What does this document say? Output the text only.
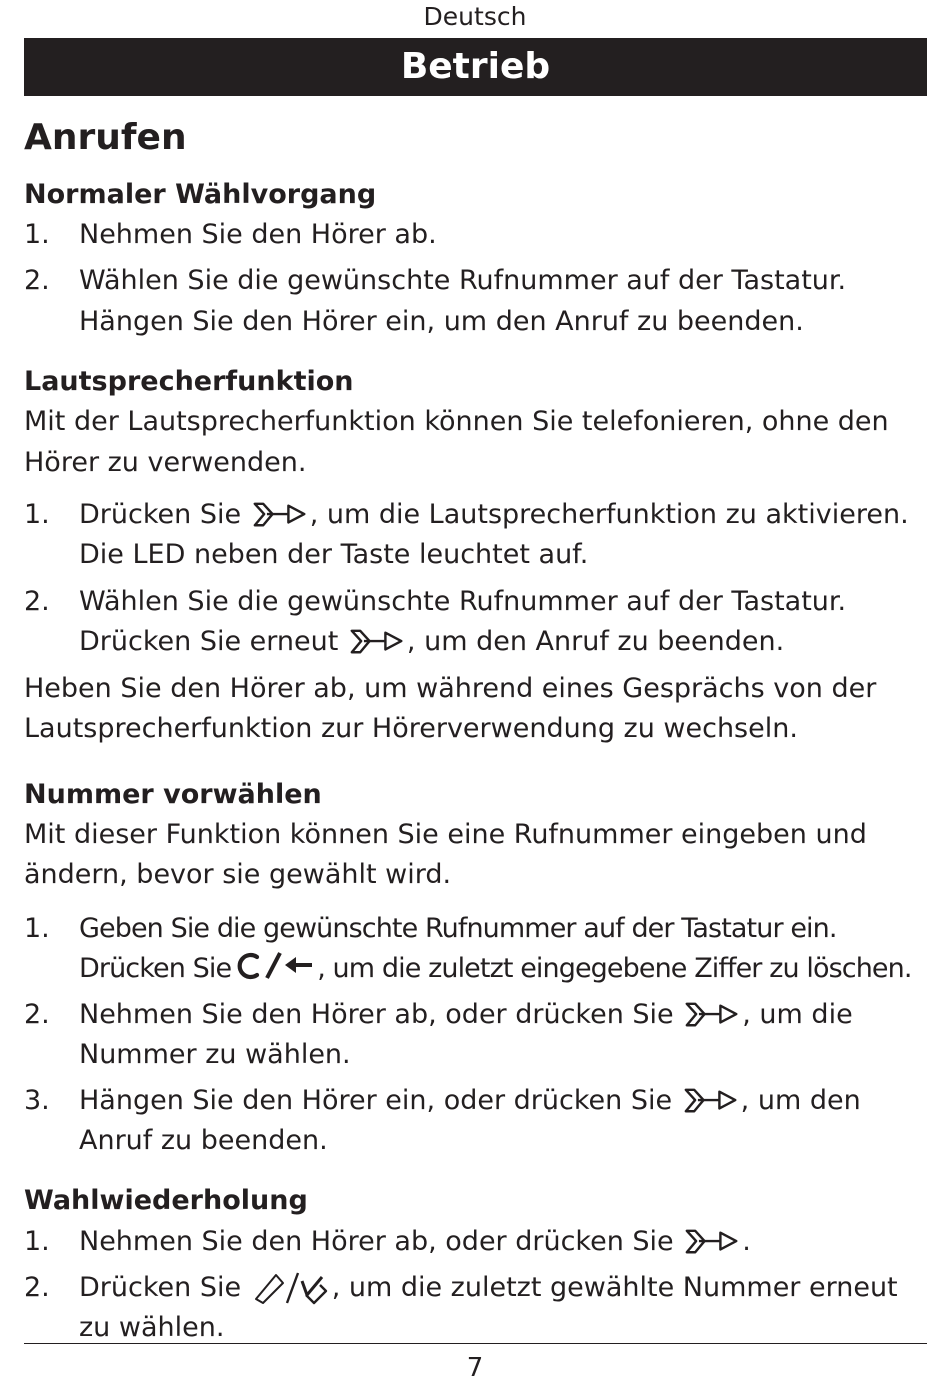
Deutsch
Betrieb
Anrufen
Normaler Wählvorgang
1.	Nehmen Sie den Hörer ab.
2.	Wählen Sie die gewünschte Rufnummer auf der Tastatur.
Hängen Sie den Hörer ein, um den Anruf zu beenden.
Lautsprecherfunktion
Mit der Lautsprecherfunktion können Sie telefonieren, ohne den
Hörer zu verwenden.
1.	Drücken Sie	, um die Lautsprecherfunktion zu aktivieren.
Die LED neben der Taste leuchtet auf.
2.	Wählen Sie die gewünschte Rufnummer auf der Tastatur.
Drücken Sie erneut	, um den Anruf zu beenden.
Heben Sie den Hörer ab, um während eines Gesprächs von der
Lautsprecherfunktion zur Hörerverwendung zu wechseln.
Nummer vorwählen
Mit dieser Funktion können Sie eine Rufnummer eingeben und
ändern, bevor sie gewählt wird.
1.	Geben Sie die gewünschte Rufnummer auf der Tastatur ein.
Drücken Sie	, um die zuletzt eingegebene Ziffer zu löschen.
2.	Nehmen Sie den Hörer ab, oder drücken Sie	, um die
Nummer zu wählen.
3.	Hängen Sie den Hörer ein, oder drücken Sie	, um den
Anruf zu beenden.
Wahlwiederholung
1.	Nehmen Sie den Hörer ab, oder drücken Sie	.
2.	Drücken Sie	, um die zuletzt gewählte Nummer erneut
zu wählen.
7
